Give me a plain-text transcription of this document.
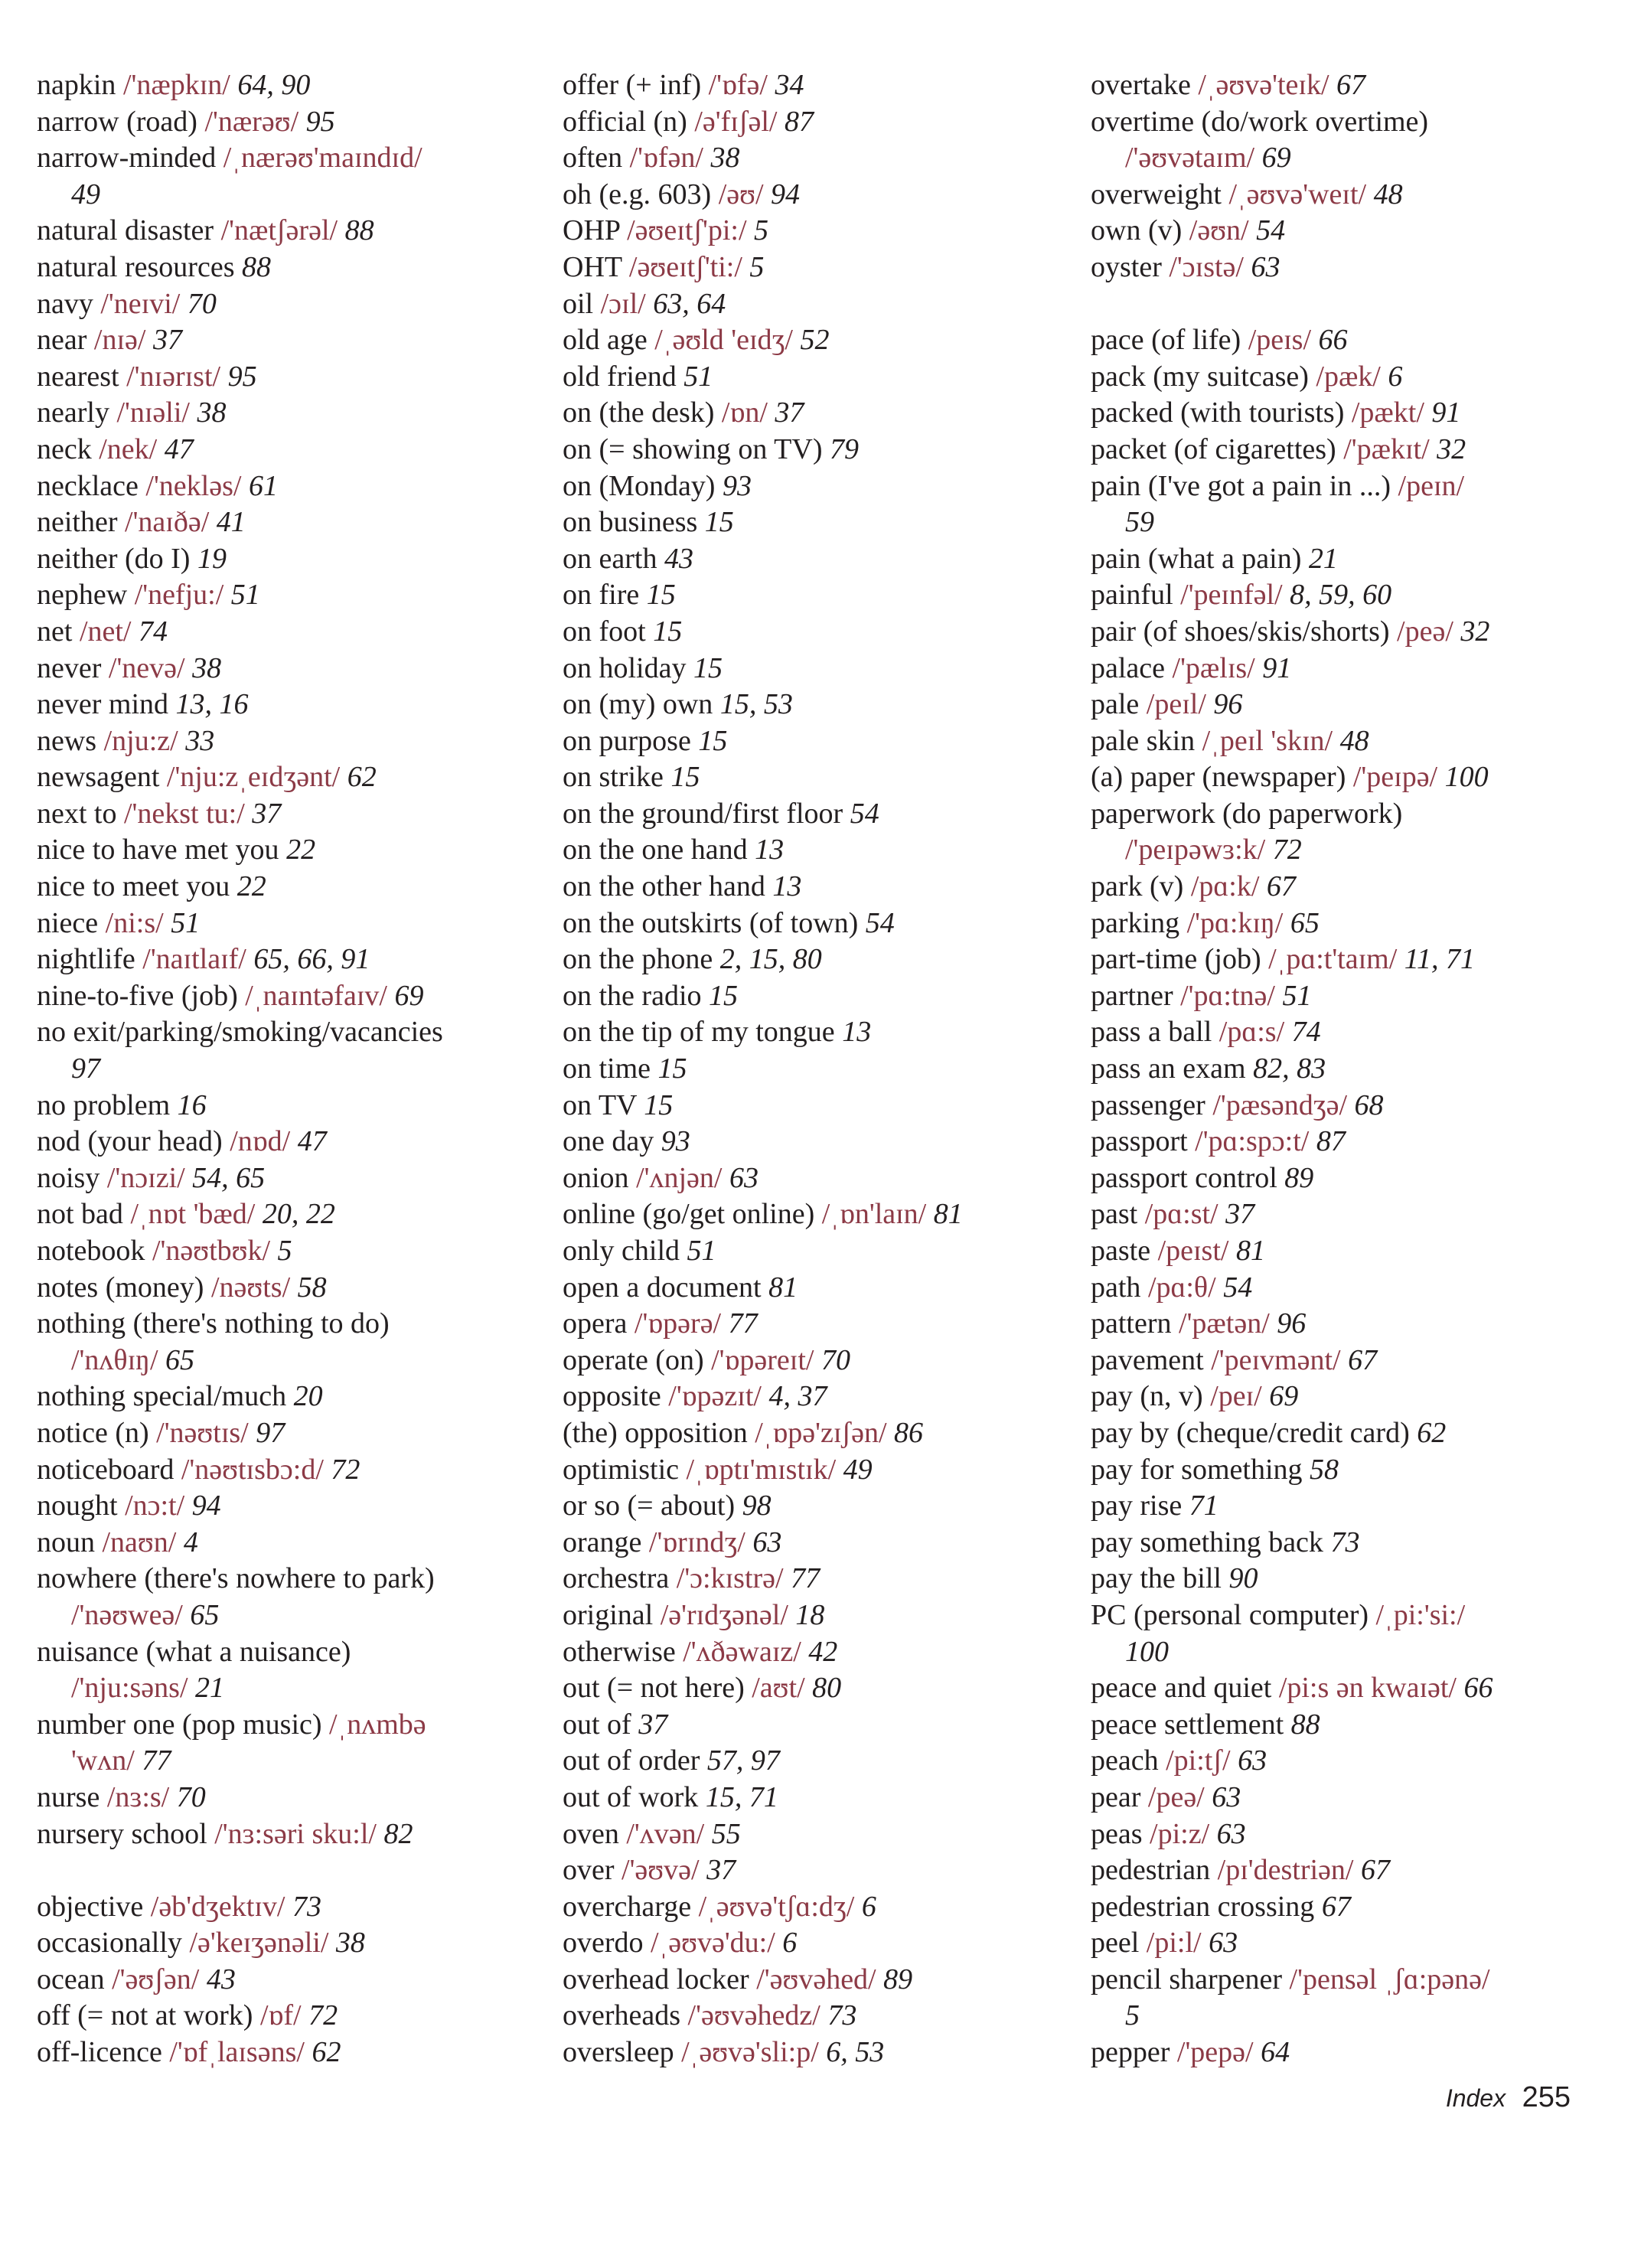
napkin /'næpkɪn/ 64, 90
narrow (road) /'nærəʊ/ 95
narrow-minded /ˌnærəʊ'maɪndɪd/
49
natural disaster /'nætʃərəl/ 88
natural resources 88
navy /'neɪvi/ 70
near /nɪə/ 37
nearest /'nɪərɪst/ 95
nearly /'nɪəli/ 38
neck /nek/ 47
necklace /'nekləs/ 61
neither /'naɪðə/ 41
neither (do I) 19
nephew /'nefju:/ 51
net /net/ 74
never /'nevə/ 38
never mind 13, 16
news /nju:z/ 33
newsagent /'nju:zˌeɪdʒənt/ 62
next to /'nekst tu:/ 37
nice to have met you 22
nice to meet you 22
niece /ni:s/ 51
nightlife /'naɪtlaɪf/ 65, 66, 91
nine-to-five (job) /ˌnaɪntəfaɪv/ 69
no exit/parking/smoking/vacancies
97
no problem 16
nod (your head) /nɒd/ 47
noisy /'nɔɪzi/ 54, 65
not bad /ˌnɒt 'bæd/ 20, 22
notebook /'nəʊtbʊk/ 5
notes (money) /nəʊts/ 58
nothing (there's nothing to do)
/'nʌθɪŋ/ 65
nothing special/much 20
notice (n) /'nəʊtɪs/ 97
noticeboard /'nəʊtɪsbɔ:d/ 72
nought /nɔ:t/ 94
noun /naʊn/ 4
nowhere (there's nowhere to park)
/'nəʊweə/ 65
nuisance (what a nuisance)
/'nju:səns/ 21
number one (pop music) /ˌnʌmbə
'wʌn/ 77
nurse /nɜ:s/ 70
nursery school /'nɜ:səri sku:l/ 82
objective /əb'dʒektɪv/ 73
occasionally /ə'keɪʒənəli/ 38
ocean /'əʊʃən/ 43
off (= not at work) /ɒf/ 72
off-licence /'ɒfˌlaɪsəns/ 62
offer (+ inf) /'ɒfə/ 34
official (n) /ə'fɪʃəl/ 87
often /'ɒfən/ 38
oh (e.g. 603) /əʊ/ 94
OHP /əʊeɪtʃ'pi:/ 5
OHT /əʊeɪtʃ'ti:/ 5
oil /ɔɪl/ 63, 64
old age /ˌəʊld 'eɪdʒ/ 52
old friend 51
on (the desk) /ɒn/ 37
on (= showing on TV) 79
on (Monday) 93
on business 15
on earth 43
on fire 15
on foot 15
on holiday 15
on (my) own 15, 53
on purpose 15
on strike 15
on the ground/first floor 54
on the one hand 13
on the other hand 13
on the outskirts (of town) 54
on the phone 2, 15, 80
on the radio 15
on the tip of my tongue 13
on time 15
on TV 15
one day 93
onion /'ʌnjən/ 63
online (go/get online) /ˌɒn'laɪn/ 81
only child 51
open a document 81
opera /'ɒpərə/ 77
operate (on) /'ɒpəreɪt/ 70
opposite /'ɒpəzɪt/ 4, 37
(the) opposition /ˌɒpə'zɪʃən/ 86
optimistic /ˌɒptɪ'mɪstɪk/ 49
or so (= about) 98
orange /'ɒrɪndʒ/ 63
orchestra /'ɔ:kɪstrə/ 77
original /ə'rɪdʒənəl/ 18
otherwise /'ʌðəwaɪz/ 42
out (= not here) /aʊt/ 80
out of 37
out of order 57, 97
out of work 15, 71
oven /'ʌvən/ 55
over /'əʊvə/ 37
overcharge /ˌəʊvə'tʃɑ:dʒ/ 6
overdo /ˌəʊvə'du:/ 6
overhead locker /'əʊvəhed/ 89
overheads /'əʊvəhedz/ 73
oversleep /ˌəʊvə'sli:p/ 6, 53
overtake /ˌəʊvə'teɪk/ 67
overtime (do/work overtime)
/'əʊvətaɪm/ 69
overweight /ˌəʊvə'weɪt/ 48
own (v) /əʊn/ 54
oyster /'ɔɪstə/ 63
pace (of life) /peɪs/ 66
pack (my suitcase) /pæk/ 6
packed (with tourists) /pækt/ 91
packet (of cigarettes) /'pækɪt/ 32
pain (I've got a pain in ...) /peɪn/
59
pain (what a pain) 21
painful /'peɪnfəl/ 8, 59, 60
pair (of shoes/skis/shorts) /peə/ 32
palace /'pælɪs/ 91
pale /peɪl/ 96
pale skin /ˌpeɪl 'skɪn/ 48
(a) paper (newspaper) /'peɪpə/ 100
paperwork (do paperwork)
/'peɪpəwɜ:k/ 72
park (v) /pɑ:k/ 67
parking /'pɑ:kɪŋ/ 65
part-time (job) /ˌpɑ:t'taɪm/ 11, 71
partner /'pɑ:tnə/ 51
pass a ball /pɑ:s/ 74
pass an exam 82, 83
passenger /'pæsəndʒə/ 68
passport /'pɑ:spɔ:t/ 87
passport control 89
past /pɑ:st/ 37
paste /peɪst/ 81
path /pɑ:θ/ 54
pattern /'pætən/ 96
pavement /'peɪvmənt/ 67
pay (n, v) /peɪ/ 69
pay by (cheque/credit card) 62
pay for something 58
pay rise 71
pay something back 73
pay the bill 90
PC (personal computer) /ˌpi:'si:/
100
peace and quiet /pi:s ən kwaɪət/ 66
peace settlement 88
peach /pi:tʃ/ 63
pear /peə/ 63
peas /pi:z/ 63
pedestrian /pɪ'destriən/ 67
pedestrian crossing 67
peel /pi:l/ 63
pencil sharpener /'pensəl ˌʃɑ:pənə/
5
pepper /'pepə/ 64
Index 255
